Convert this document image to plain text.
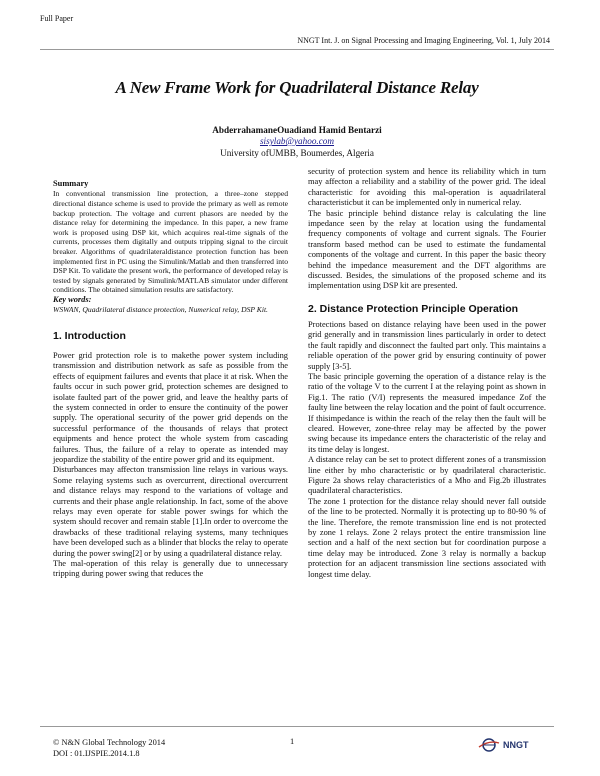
Full Paper
NNGT Int. J. on Signal Processing and Imaging Engineering, Vol. 1, July 2014
A New Frame Work for Quadrilateral Distance Relay
AbderrahamaneOuadiand Hamid Bentarzi
sisylab@yahoo.com
University ofUMBB, Boumerdes, Algeria

Summary

In conventional transmission line protection, a three–zone stepped directional distance scheme is used to provide the primary as well as remote backup protection. The voltage and current phasors are needed by the distance relay for determining the impedance. In this paper, a new frame work is proposed using DSP kit, which acquires real-time signals of the currents, processes them digitally and outputs tripping signal to the circuit breaker. Algorithms of quadrilateraldistance protection function has been implemented first in PC using the Simulink/Matlab and then transferred into DSP Kit. To validate the present work, the performance of developed relay is tested by signals generated by Simulink/MATLAB simulator under different conditions. The obtained simulation results are satisfactory.

Key words:

WSWAN, Quadrilateral distance protection, Numerical relay, DSP Kit.

1. Introduction

Power grid protection role is to makethe power system including transmission and distribution network as safe as possible from the effects of equipment failures and events that place it at risk. When the faults occur in such power grid, protection schemes are designed to isolate faulted part of the power grid, and leave the healthy parts of the system connected in order to ensure the continuity of the power supply. The operational security of the power grid depends on the successful performance of the thousands of relays that protect equipments and hence protect the whole system from cascading failures. Thus, the failure of a relay to operate as intended may jeopardize the stability of the entire power grid and its equipment.

Disturbances may affecton transmission line relays in various ways. Some relaying systems such as overcurrent, directional overcurrent and distance relays may respond to the variations of voltage and currents and their phase angle relationship. In fact, some of the above relays may even operate for stable power swings for which the system should recover and remain stable [1].In order to overcome the drawbacks of these traditional relaying systems, many techniques have been developed such as a blinder that blocks the relay to operate during the power swing[2] or by using a quadrilateral distance relay.

The mal-operation of this relay is generally due to unnecessary tripping during power swing that reduces the

security of protection system and hence its reliability which in turn may affecton a reliability and a stability of the power grid. The ideal characteristic for avoiding this mal-operation is aquadrilateral characteristicbut it can be implemented only in numerical relay.

The basic principle behind distance relay is calculating the line impedance seen by the relay at location using the fundamental frequency components of voltage and current signals. The Fourier transform based method can be used to estimate the fundamental components of the voltage and current. In this paper the basic theory behind the impedance measurement and the DFT algorithms are discussed. Besides, the simulations of the proposed scheme and its implementation using DSP kit are presented.

2. Distance Protection Principle Operation

Protections based on distance relaying have been used in the power grid generally and in transmission lines particularly in order to detect the fault rapidly and disconnect the faulted part only. This maintains a reliable operation of the power grid by ensuring continuity of power supply [3-5].

The basic principle governing the operation of a distance relay is the ratio of the voltage V to the current I at the relaying point as shown in Fig.1. The ratio (V/I) represents the measured impedance Zof the faulty line between the relay location and the point of fault occurrence. If thisimpedance is within the reach of the relay then the fault will be cleared. However, zone-three relay may be affected by the power swing because its impedance enters the characteristic of the relay and its time delay is longest.

A distance relay can be set to protect different zones of a transmission line either by mho characteristic or by quadrilateral characteristic. Figure 2a shows relay characteristics of a Mho and Fig.2b illustrates quadrilateral characteristics.

The zone 1 protection for the distance relay should never fall outside of the line to be protected. Normally it is protecting up to 80-90 % of the line. Therefore, the remote transmission line end is not protected by zone 1 relays. Zone 2 relays protect the entire transmission line section and a half of the next section but for coordination purpose a time delay may be introduced. Zone 3 relay is normally a backup protection for an adjacent transmission line sections associated with longest time delay.

© N&N Global Technology 2014
DOI : 01.IJSPIE.2014.1.8
1	NNGT
